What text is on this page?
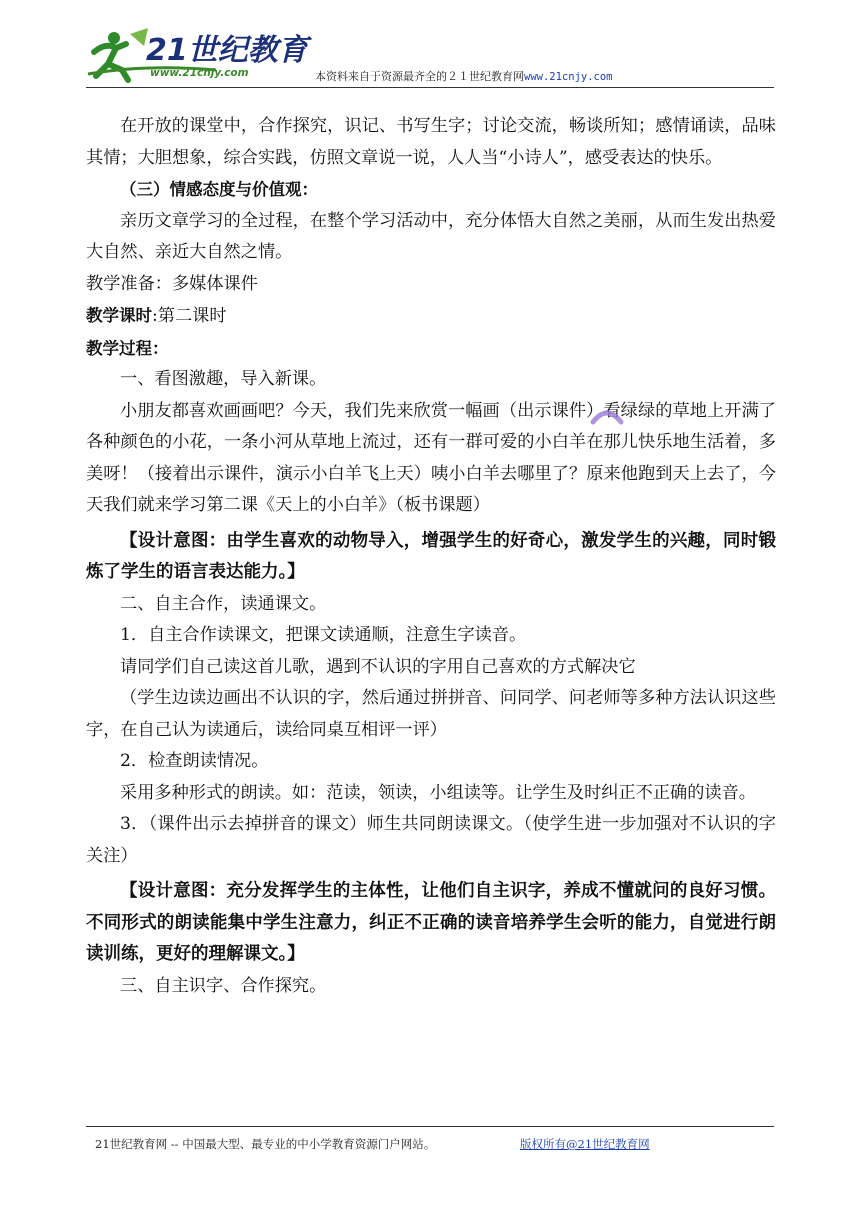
21世纪教育
www.21cnjy.com	本资料来自于资源最齐全的２１世纪教育网www.21cnjy.com

在开放的课堂中，合作探究，识记、书写生字；讨论交流，畅谈所知；感情诵读，品味其情；大胆想象，综合实践，仿照文章说一说，人人当“小诗人”，感受表达的快乐。

（三）情感态度与价值观：

亲历文章学习的全过程，在整个学习活动中，充分体悟大自然之美丽，从而生发出热爱大自然、亲近大自然之情。

教学准备：多媒体课件

教学课时:第二课时

教学过程：

一、看图激趣，导入新课。

小朋友都喜欢画画吧？今天，我们先来欣赏一幅画（出示课件）看绿绿的草地上开满了各种颜色的小花，一条小河从草地上流过，还有一群可爱的小白羊在那儿快乐地生活着，多美呀！（接着出示课件，演示小白羊飞上天）咦小白羊去哪里了？原来他跑到天上去了，今天我们就来学习第二课《天上的小白羊》（板书课题）

【设计意图：由学生喜欢的动物导入，增强学生的好奇心，激发学生的兴趣，同时锻炼了学生的语言表达能力。】

二、自主合作，读通课文。

1．自主合作读课文，把课文读通顺，注意生字读音。

请同学们自己读这首儿歌，遇到不认识的字用自己喜欢的方式解决它

（学生边读边画出不认识的字，然后通过拼拼音、问同学、问老师等多种方法认识这些字，在自己认为读通后，读给同桌互相评一评）

2．检查朗读情况。

采用多种形式的朗读。如：范读，领读，小组读等。让学生及时纠正不正确的读音。

3．（课件出示去掉拼音的课文）师生共同朗读课文。（使学生进一步加强对不认识的字关注）

【设计意图：充分发挥学生的主体性，让他们自主识字，养成不懂就问的良好习惯。不同形式的朗读能集中学生注意力，纠正不正确的读音培养学生会听的能力，自觉进行朗读训练，更好的理解课文。】

三、自主识字、合作探究。

21世纪教育网 -- 中国最大型、最专业的中小学教育资源门户网站。	版权所有@21世纪教育网
